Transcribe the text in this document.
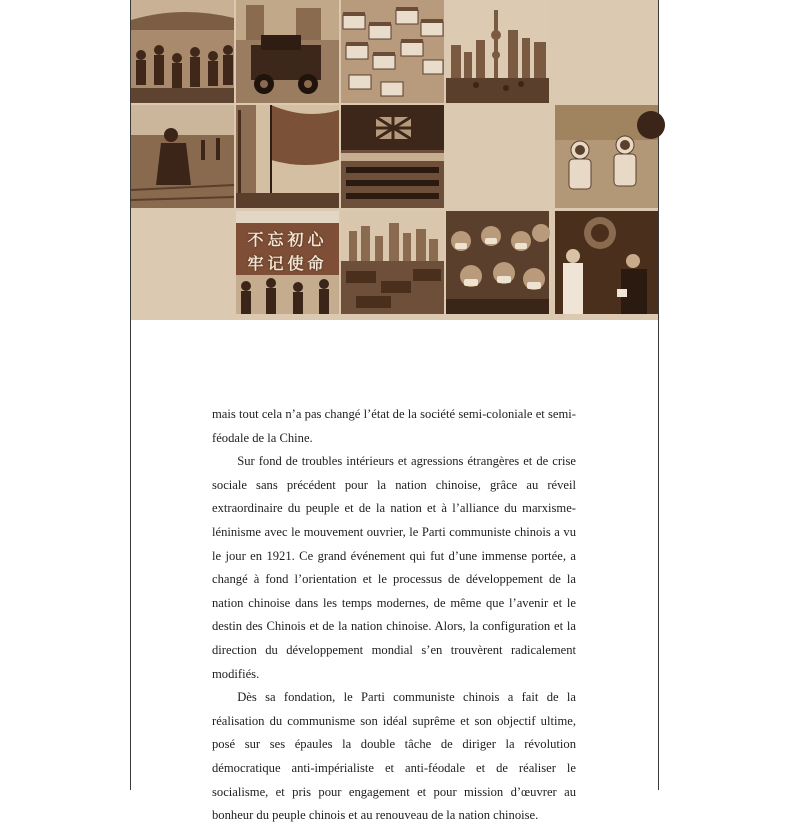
不忘初心
牢记使命

mais tout cela n’a pas changé l’état de la société semi-coloniale et semi-féodale de la Chine.

Sur fond de troubles intérieurs et agressions étrangères et de crise sociale sans précédent pour la nation chinoise, grâce au réveil extraordinaire du peuple et de la nation et à l’alliance du marxisme-léninisme avec le mouvement ouvrier, le Parti communiste chinois a vu le jour en 1921. Ce grand événement qui fut d’une immense portée, a changé à fond l’orientation et le processus de développement de la nation chinoise dans les temps modernes, de même que l’avenir et le destin des Chinois et de la nation chinoise. Alors, la configuration et la direction du développement mondial s’en trouvèrent radicalement modifiés.

Dès sa fondation, le Parti communiste chinois a fait de la réalisation du communisme son idéal suprême et son objectif ultime, posé sur ses épaules la double tâche de diriger la révolution démocratique anti-impérialiste et anti-féodale et de réaliser le socialisme, et pris pour engagement et pour mission d’œuvrer au bonheur du peuple chinois et au renouveau de la nation chinoise.
